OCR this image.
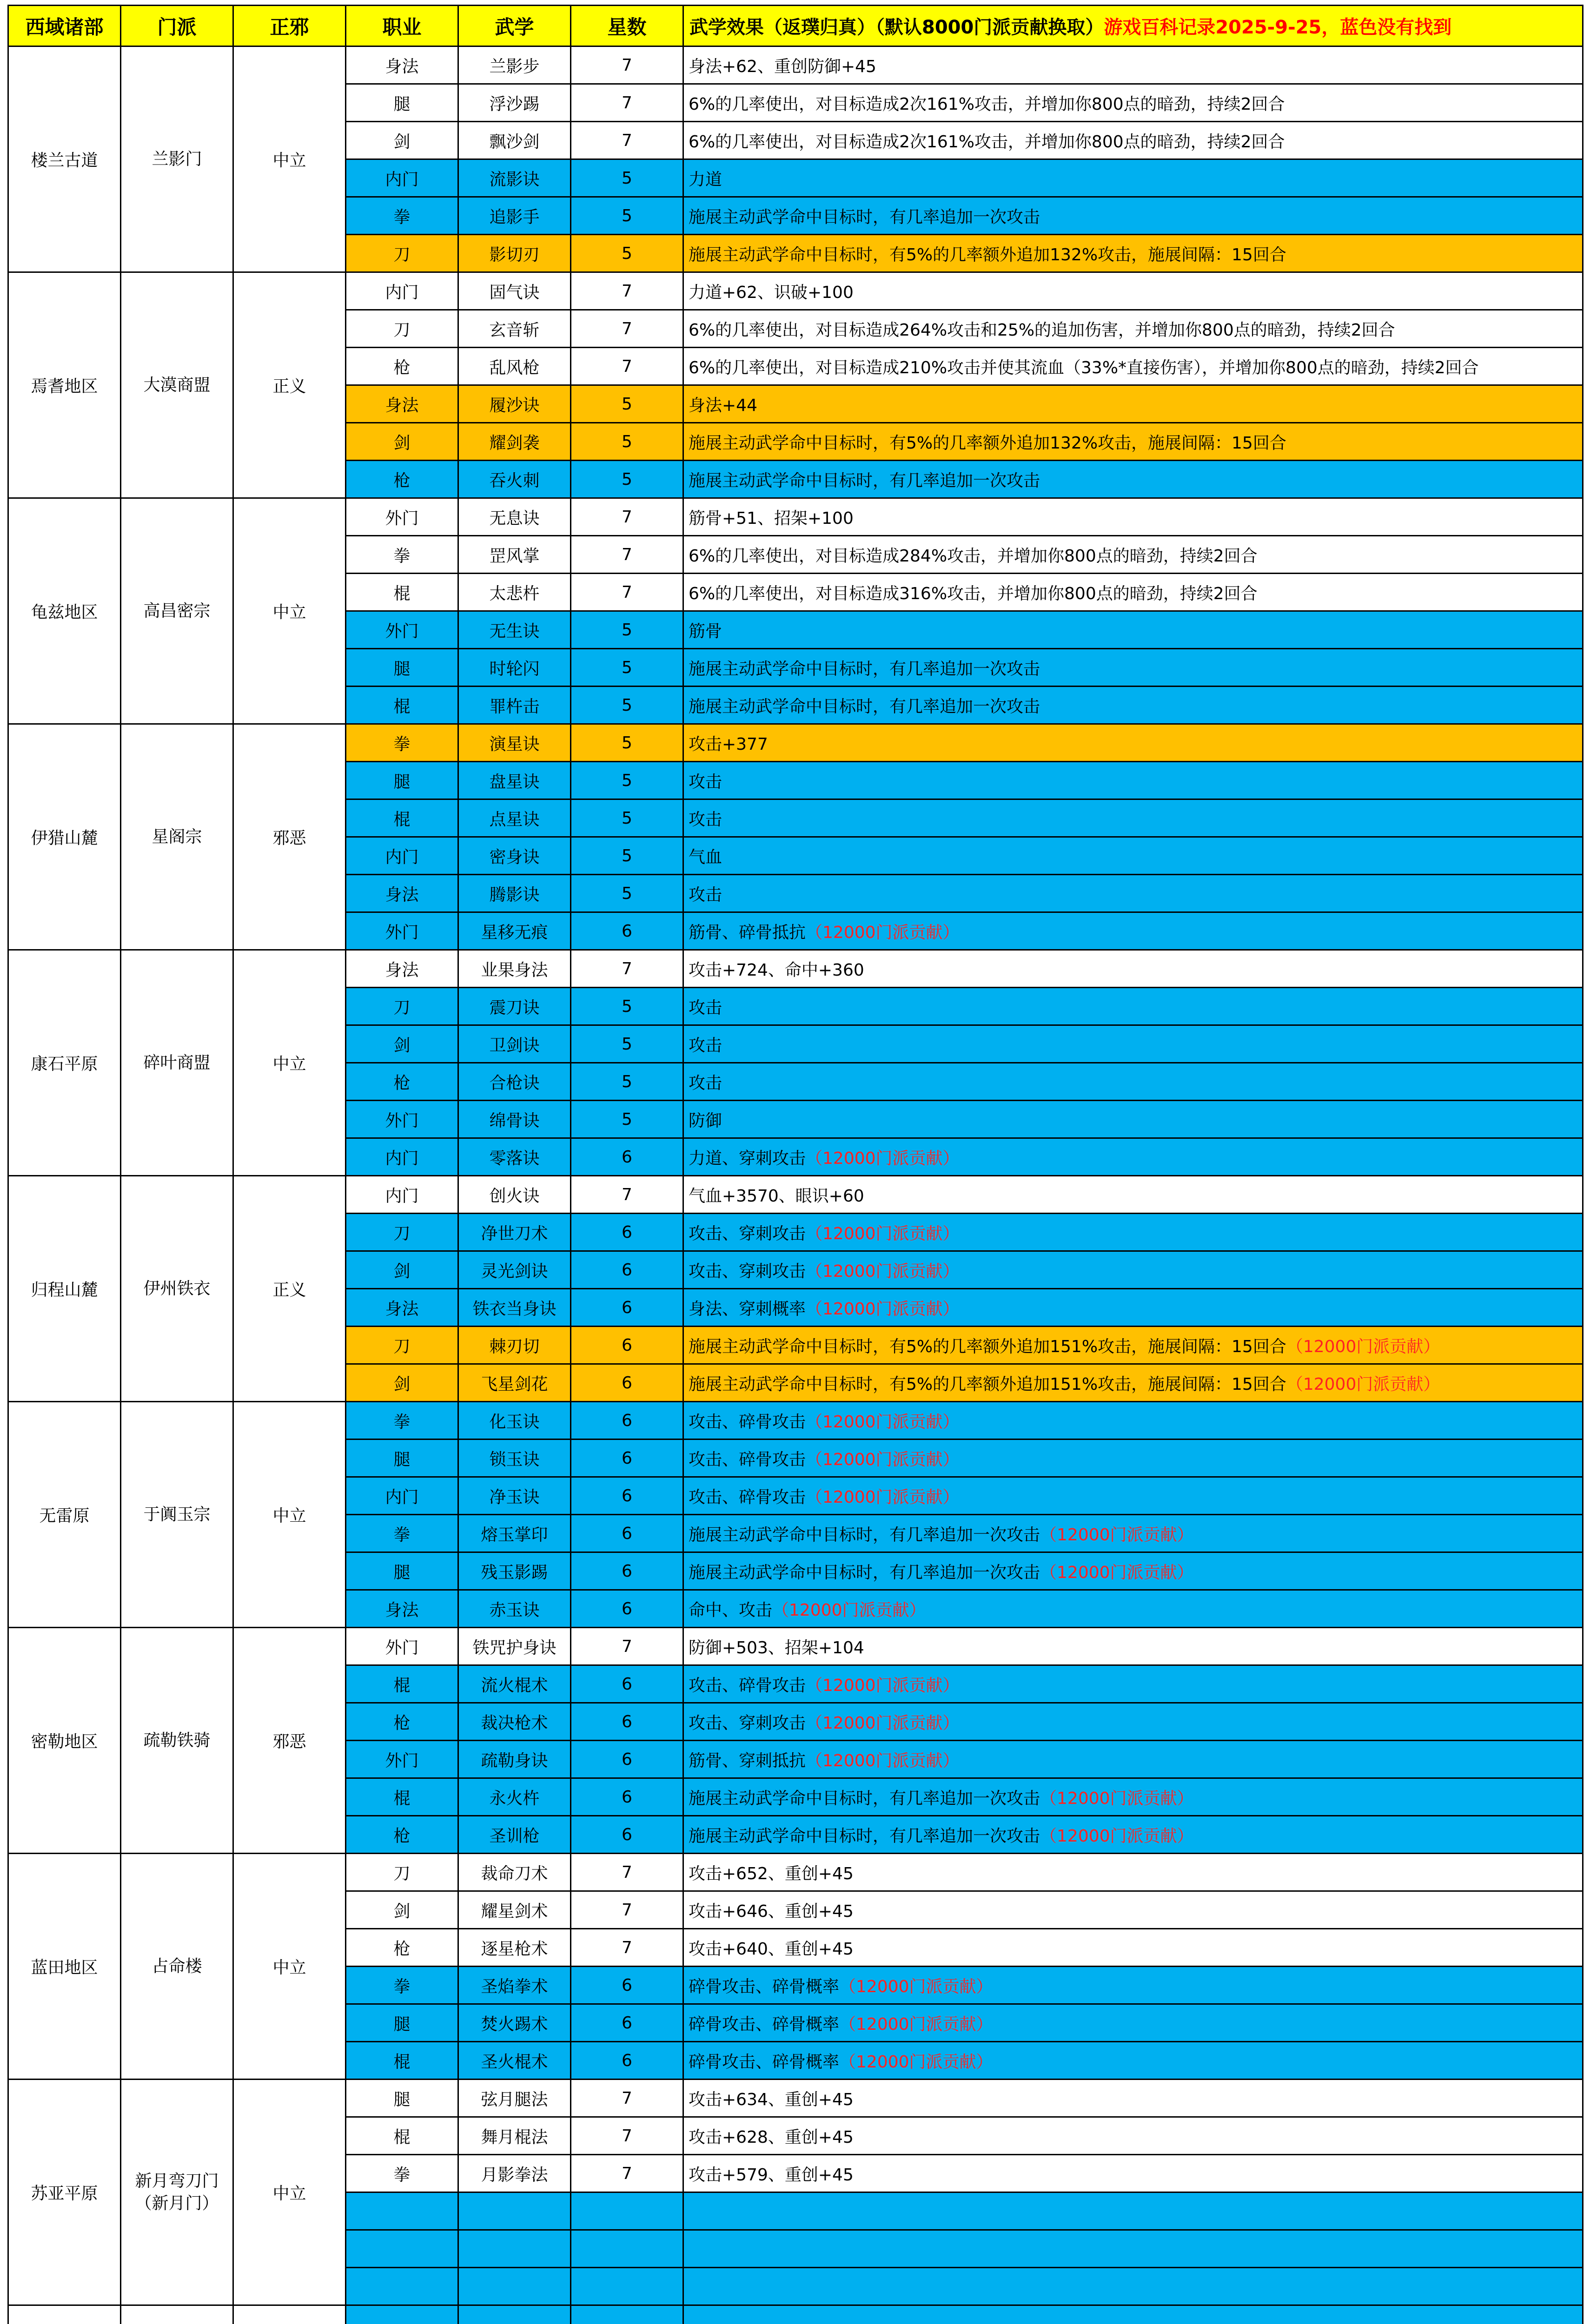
西域诸部	门派	正邪	职业	武学	星数	武学效果（返璞归真）（默认8000门派贡献换取）游戏百科记录2025-9-25，蓝色没有找到
楼兰古道	兰影门	中立	身法	兰影步	7	身法+62、重创防御+45
			腿	浮沙踢	7	6%的几率使出，对目标造成2次161%攻击，并增加你800点的暗劲，持续2回合
			剑	飘沙剑	7	6%的几率使出，对目标造成2次161%攻击，并增加你800点的暗劲，持续2回合
			内门	流影诀	5	力道
			拳	追影手	5	施展主动武学命中目标时，有几率追加一次攻击
			刀	影切刃	5	施展主动武学命中目标时，有5%的几率额外追加132%攻击，施展间隔：15回合
焉耆地区	大漠商盟	正义	内门	固气诀	7	力道+62、识破+100
			刀	玄音斩	7	6%的几率使出，对目标造成264%攻击和25%的追加伤害，并增加你800点的暗劲，持续2回合
			枪	乱风枪	7	6%的几率使出，对目标造成210%攻击并使其流血（33%*直接伤害），并增加你800点的暗劲，持续2回合
			身法	履沙诀	5	身法+44
			剑	耀剑袭	5	施展主动武学命中目标时，有5%的几率额外追加132%攻击，施展间隔：15回合
			枪	吞火刺	5	施展主动武学命中目标时，有几率追加一次攻击
龟兹地区	高昌密宗	中立	外门	无息诀	7	筋骨+51、招架+100
			拳	罡风掌	7	6%的几率使出，对目标造成284%攻击，并增加你800点的暗劲，持续2回合
			棍	太悲杵	7	6%的几率使出，对目标造成316%攻击，并增加你800点的暗劲，持续2回合
			外门	无生诀	5	筋骨
			腿	时轮闪	5	施展主动武学命中目标时，有几率追加一次攻击
			棍	罪杵击	5	施展主动武学命中目标时，有几率追加一次攻击
伊猎山麓	星阁宗	邪恶	拳	演星诀	5	攻击+377
			腿	盘星诀	5	攻击
			棍	点星诀	5	攻击
			内门	密身诀	5	气血
			身法	腾影诀	5	攻击
			外门	星移无痕	6	筋骨、碎骨抵抗（12000门派贡献）
康石平原	碎叶商盟	中立	身法	业果身法	7	攻击+724、命中+360
			刀	震刀诀	5	攻击
			剑	卫剑诀	5	攻击
			枪	合枪诀	5	攻击
			外门	绵骨诀	5	防御
			内门	零落诀	6	力道、穿刺攻击（12000门派贡献）
归程山麓	伊州铁衣	正义	内门	创火诀	7	气血+3570、眼识+60
			刀	净世刀术	6	攻击、穿刺攻击（12000门派贡献）
			剑	灵光剑诀	6	攻击、穿刺攻击（12000门派贡献）
			身法	铁衣当身诀	6	身法、穿刺概率（12000门派贡献）
			刀	棘刃切	6	施展主动武学命中目标时，有5%的几率额外追加151%攻击，施展间隔：15回合（12000门派贡献）
			剑	飞星剑花	6	施展主动武学命中目标时，有5%的几率额外追加151%攻击，施展间隔：15回合（12000门派贡献）
无雷原	于阗玉宗	中立	拳	化玉诀	6	攻击、碎骨攻击（12000门派贡献）
			腿	锁玉诀	6	攻击、碎骨攻击（12000门派贡献）
			内门	净玉诀	6	攻击、碎骨攻击（12000门派贡献）
			拳	熔玉掌印	6	施展主动武学命中目标时，有几率追加一次攻击（12000门派贡献）
			腿	残玉影踢	6	施展主动武学命中目标时，有几率追加一次攻击（12000门派贡献）
			身法	赤玉诀	6	命中、攻击（12000门派贡献）
密勒地区	疏勒铁骑	邪恶	外门	铁咒护身诀	7	防御+503、招架+104
			棍	流火棍术	6	攻击、碎骨攻击（12000门派贡献）
			枪	裁决枪术	6	攻击、穿刺攻击（12000门派贡献）
			外门	疏勒身诀	6	筋骨、穿刺抵抗（12000门派贡献）
			棍	永火杵	6	施展主动武学命中目标时，有几率追加一次攻击（12000门派贡献）
			枪	圣训枪	6	施展主动武学命中目标时，有几率追加一次攻击（12000门派贡献）
蓝田地区	占命楼	中立	刀	裁命刀术	7	攻击+652、重创+45
			剑	耀星剑术	7	攻击+646、重创+45
			枪	逐星枪术	7	攻击+640、重创+45
			拳	圣焰拳术	6	碎骨攻击、碎骨概率（12000门派贡献）
			腿	焚火踢术	6	碎骨攻击、碎骨概率（12000门派贡献）
			棍	圣火棍术	6	碎骨攻击、碎骨概率（12000门派贡献）
苏亚平原	新月弯刀门（新月门）	中立	腿	弦月腿法	7	攻击+634、重创+45
			棍	舞月棍法	7	攻击+628、重创+45
			拳	月影拳法	7	攻击+579、重创+45
